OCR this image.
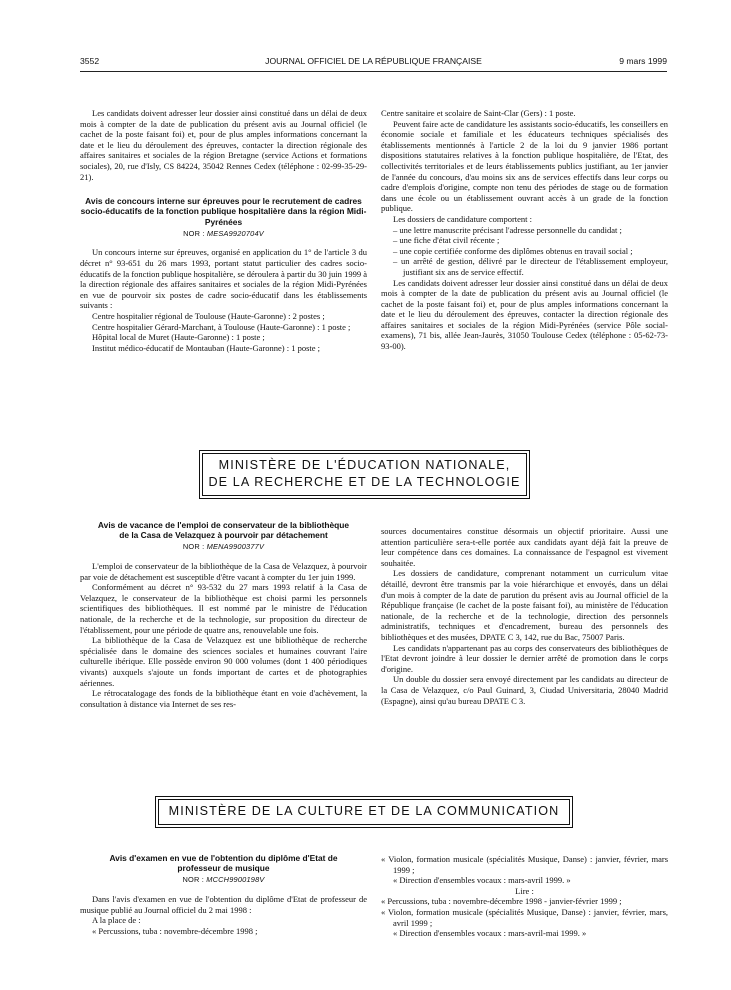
3552	JOURNAL OFFICIEL DE LA RÉPUBLIQUE FRANÇAISE	9 mars 1999

Les candidats doivent adresser leur dossier ainsi constitué dans un délai de deux mois à compter de la date de publication du présent avis au Journal officiel (le cachet de la poste faisant foi) et, pour de plus amples informations concernant la date et le lieu du déroulement des épreuves, contacter la direction régionale des affaires sanitaires et sociales de la région Bretagne (service Actions et formations sociales), 20, rue d'Isly, CS 84224, 35042 Rennes Cedex (téléphone : 02-99-35-29-21).

Avis de concours interne sur épreuves pour le recrutement de cadres socio-éducatifs de la fonction publique hospitalière dans la région Midi-Pyrénées
NOR : MESA9920704V

Un concours interne sur épreuves, organisé en application du 1° de l'article 3 du décret n° 93-651 du 26 mars 1993, portant statut particulier des cadres socio-éducatifs de la fonction publique hospitalière, se déroulera à partir du 30 juin 1999 à la direction régionale des affaires sanitaires et sociales de la région Midi-Pyrénées en vue de pourvoir six postes de cadre socio-éducatif dans les établissements suivants :

Centre hospitalier régional de Toulouse (Haute-Garonne) : 2 postes ;

Centre hospitalier Gérard-Marchant, à Toulouse (Haute-Garonne) : 1 poste ;

Hôpital local de Muret (Haute-Garonne) : 1 poste ;

Institut médico-éducatif de Montauban (Haute-Garonne) : 1 poste ;

Centre sanitaire et scolaire de Saint-Clar (Gers) : 1 poste.

Peuvent faire acte de candidature les assistants socio-éducatifs, les conseillers en économie sociale et familiale et les éducateurs techniques spécialisés des établissements mentionnés à l'article 2 de la loi du 9 janvier 1986 portant dispositions statutaires relatives à la fonction publique hospitalière, de l'Etat, des collectivités territoriales et de leurs établissements publics justifiant, au 1er janvier de l'année du concours, d'au moins six ans de services effectifs dans leur corps ou cadre d'emplois d'origine, compte non tenu des périodes de stage ou de formation dans une école ou un établissement ouvrant accès à un grade de la fonction publique.

Les dossiers de candidature comportent :

– une lettre manuscrite précisant l'adresse personnelle du candidat ;

– une fiche d'état civil récente ;

– une copie certifiée conforme des diplômes obtenus en travail social ;

– un arrêté de gestion, délivré par le directeur de l'établissement employeur, justifiant six ans de service effectif.

Les candidats doivent adresser leur dossier ainsi constitué dans un délai de deux mois à compter de la date de publication du présent avis au Journal officiel (le cachet de la poste faisant foi) et, pour de plus amples informations concernant la date et le lieu du déroulement des épreuves, contacter la direction régionale des affaires sanitaires et sociales de la région Midi-Pyrénées (service Pôle social-examens), 71 bis, allée Jean-Jaurès, 31050 Toulouse Cedex (téléphone : 05-62-73-93-00).

MINISTÈRE DE L'ÉDUCATION NATIONALE,
DE LA RECHERCHE ET DE LA TECHNOLOGIE
Avis de vacance de l'emploi de conservateur de la bibliothèque de la Casa de Velazquez à pourvoir par détachement
NOR : MENA9900377V

L'emploi de conservateur de la bibliothèque de la Casa de Velazquez, à pourvoir par voie de détachement est susceptible d'être vacant à compter du 1er juin 1999.

Conformément au décret n° 93-532 du 27 mars 1993 relatif à la Casa de Velazquez, le conservateur de la bibliothèque est choisi parmi les personnels scientifiques des bibliothèques. Il est nommé par le ministre de l'éducation nationale, de la recherche et de la technologie, sur proposition du directeur de l'établissement, pour une période de quatre ans, renouvelable une fois.

La bibliothèque de la Casa de Velazquez est une bibliothèque de recherche spécialisée dans le domaine des sciences sociales et humaines couvrant l'aire culturelle ibérique. Elle possède environ 90 000 volumes (dont 1 400 périodiques vivants) auxquels s'ajoute un fonds important de cartes et de photographies aériennes.

Le rétrocatalogage des fonds de la bibliothèque étant en voie d'achèvement, la consultation à distance via Internet de ses res-

sources documentaires constitue désormais un objectif prioritaire. Aussi une attention particulière sera-t-elle portée aux candidats ayant déjà fait la preuve de leur compétence dans ces domaines. La connaissance de l'espagnol est vivement souhaitée.

Les dossiers de candidature, comprenant notamment un curriculum vitae détaillé, devront être transmis par la voie hiérarchique et envoyés, dans un délai d'un mois à compter de la date de parution du présent avis au Journal officiel de la République française (le cachet de la poste faisant foi), au ministère de l'éducation nationale, de la recherche et de la technologie, direction des personnels administratifs, techniques et d'encadrement, bureau des personnels des bibliothèques et des musées, DPATE C 3, 142, rue du Bac, 75007 Paris.

Les candidats n'appartenant pas au corps des conservateurs des bibliothèques de l'Etat devront joindre à leur dossier le dernier arrêté de promotion dans le corps d'origine.

Un double du dossier sera envoyé directement par les candidats au directeur de la Casa de Velazquez, c/o Paul Guinard, 3, Ciudad Universitaria, 28040 Madrid (Espagne), ainsi qu'au bureau DPATE C 3.

MINISTÈRE DE LA CULTURE ET DE LA COMMUNICATION
Avis d'examen en vue de l'obtention du diplôme d'Etat de professeur de musique
NOR : MCCH9900198V

Dans l'avis d'examen en vue de l'obtention du diplôme d'Etat de professeur de musique publié au Journal officiel du 2 mai 1998 :

A la place de :

« Percussions, tuba : novembre-décembre 1998 ;

« Violon, formation musicale (spécialités Musique, Danse) : janvier, février, mars 1999 ;

« Direction d'ensembles vocaux : mars-avril 1999. »

Lire :

« Percussions, tuba : novembre-décembre 1998 - janvier-février 1999 ;

« Violon, formation musicale (spécialités Musique, Danse) : janvier, février, mars, avril 1999 ;

« Direction d'ensembles vocaux : mars-avril-mai 1999. »
